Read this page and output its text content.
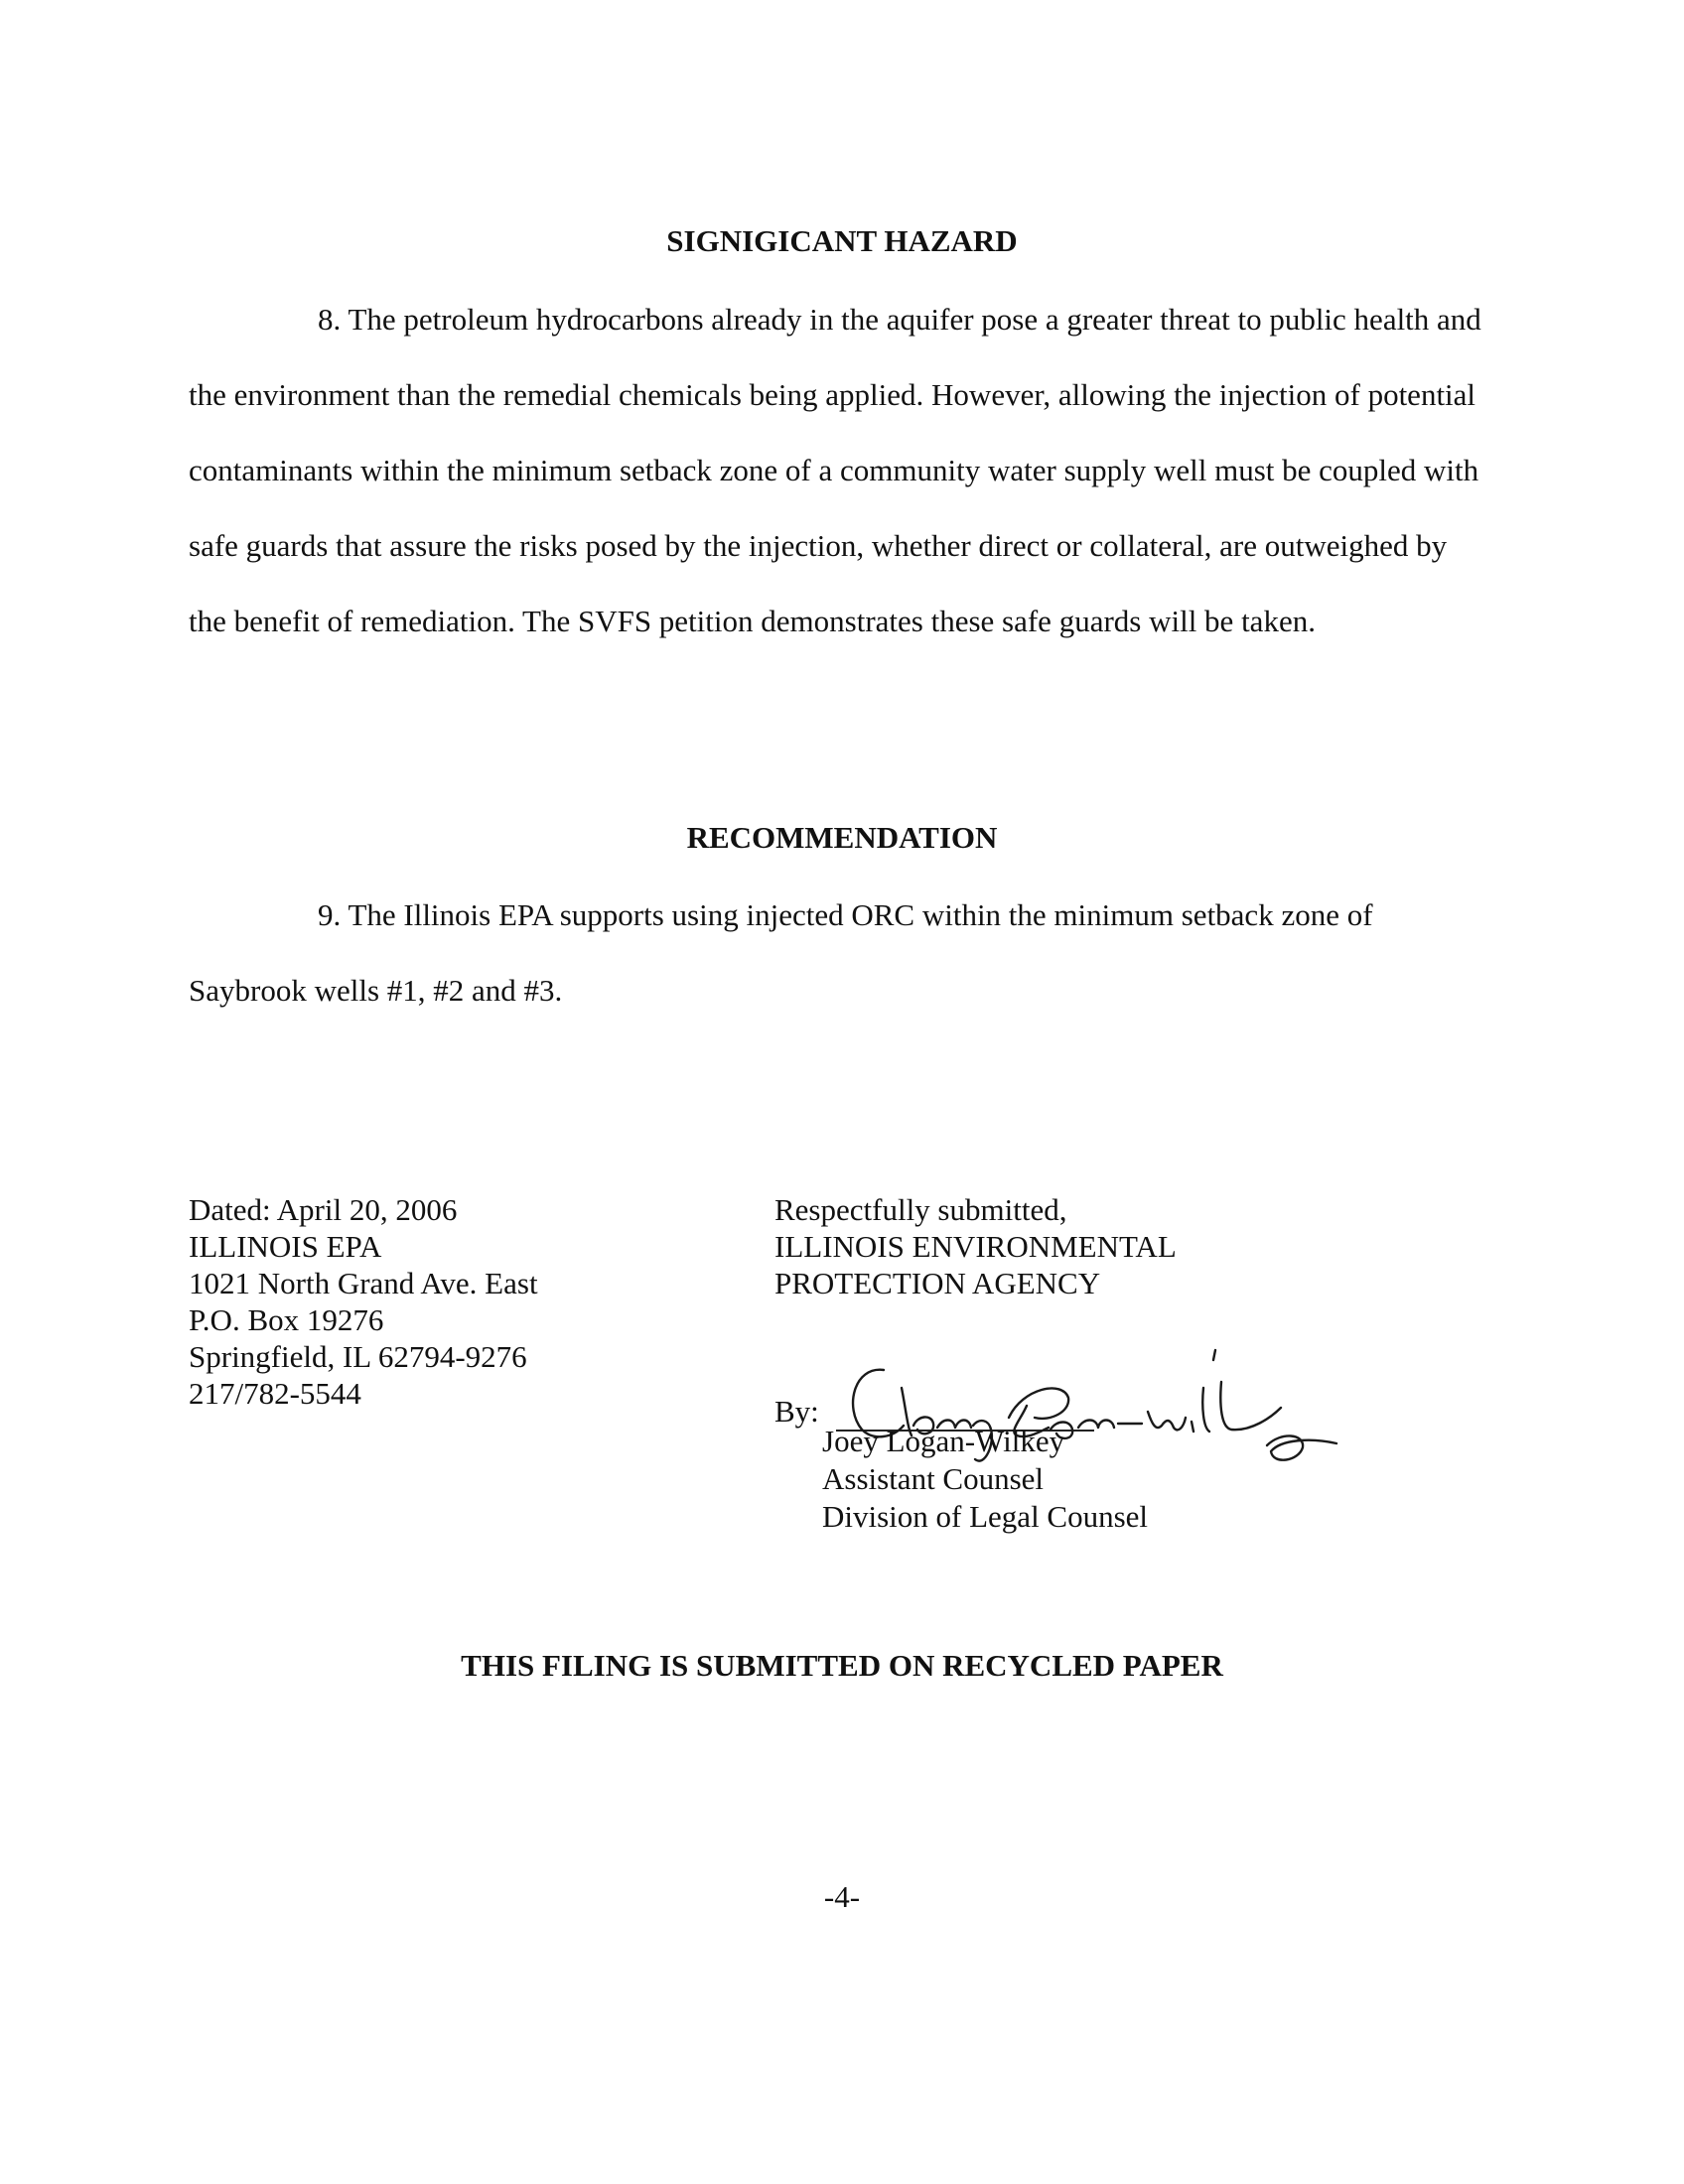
SIGNIGICANT HAZARD

8. The petroleum hydrocarbons already in the aquifer pose a greater threat to public health and the environment than the remedial chemicals being applied. However, allowing the injection of potential contaminants within the minimum setback zone of a community water supply well must be coupled with safe guards that assure the risks posed by the injection, whether direct or collateral, are outweighed by the benefit of remediation. The SVFS petition demonstrates these safe guards will be taken.

RECOMMENDATION

9. The Illinois EPA supports using injected ORC within the minimum setback zone of Saybrook wells #1, #2 and #3.

Dated: April 20, 2006
ILLINOIS EPA
1021 North Grand Ave. East
P.O. Box 19276
Springfield, IL 62794-9276
217/782-5544
Respectfully submitted,
ILLINOIS ENVIRONMENTAL
PROTECTION AGENCY
By:
Joey Logan-Wilkey
Assistant Counsel
Division of Legal Counsel
THIS FILING IS SUBMITTED ON RECYCLED PAPER
-4-
